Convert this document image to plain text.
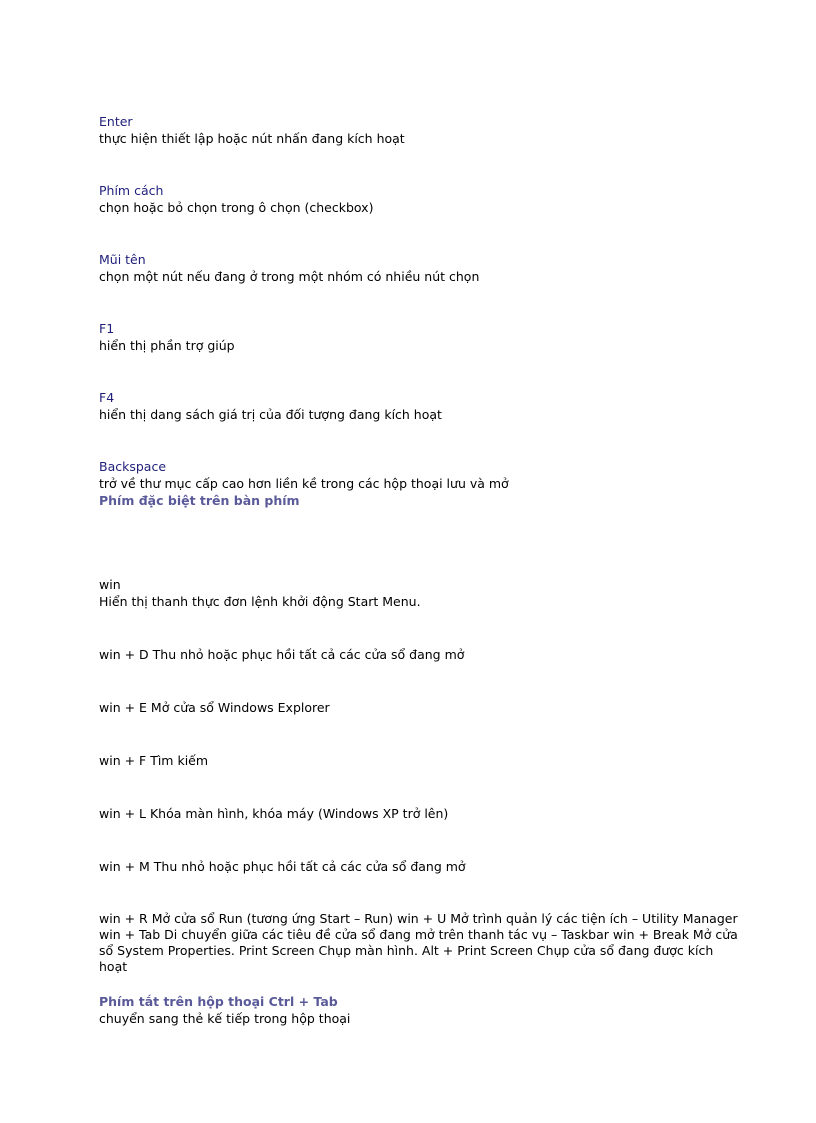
Enter

thực hiện thiết lập hoặc nút nhấn đang kích hoạt

Phím cách

chọn hoặc bỏ chọn trong ô chọn (checkbox)

Mũi tên

chọn một nút nếu đang ở trong một nhóm có nhiều nút chọn

F1

hiển thị phần trợ giúp

F4

hiển thị dang sách giá trị của đối tượng đang kích hoạt

Backspace

trở về thư mục cấp cao hơn liền kề trong các hộp thoại lưu và mở

Phím đặc biệt trên bàn phím

win

Hiển thị thanh thực đơn lệnh khởi động Start Menu.

win + D Thu nhỏ hoặc phục hồi tất cả các cửa sổ đang mở

win + E Mở cửa sổ Windows Explorer

win + F Tìm kiếm

win + L Khóa màn hình, khóa máy (Windows XP trở lên)

win + M Thu nhỏ hoặc phục hồi tất cả các cửa sổ đang mở

win + R Mở cửa sổ Run (tương ứng Start – Run) win + U Mở trình quản lý các tiện ích – Utility Manager win + Tab Di chuyển giữa các tiêu đề cửa sổ đang mở trên thanh tác vụ – Taskbar win + Break Mở cửa sổ System Properties. Print Screen Chụp màn hình. Alt + Print Screen Chụp cửa sổ đang được kích hoạt

Phím tắt trên hộp thoại Ctrl + Tab

chuyển sang thẻ kế tiếp trong hộp thoại
